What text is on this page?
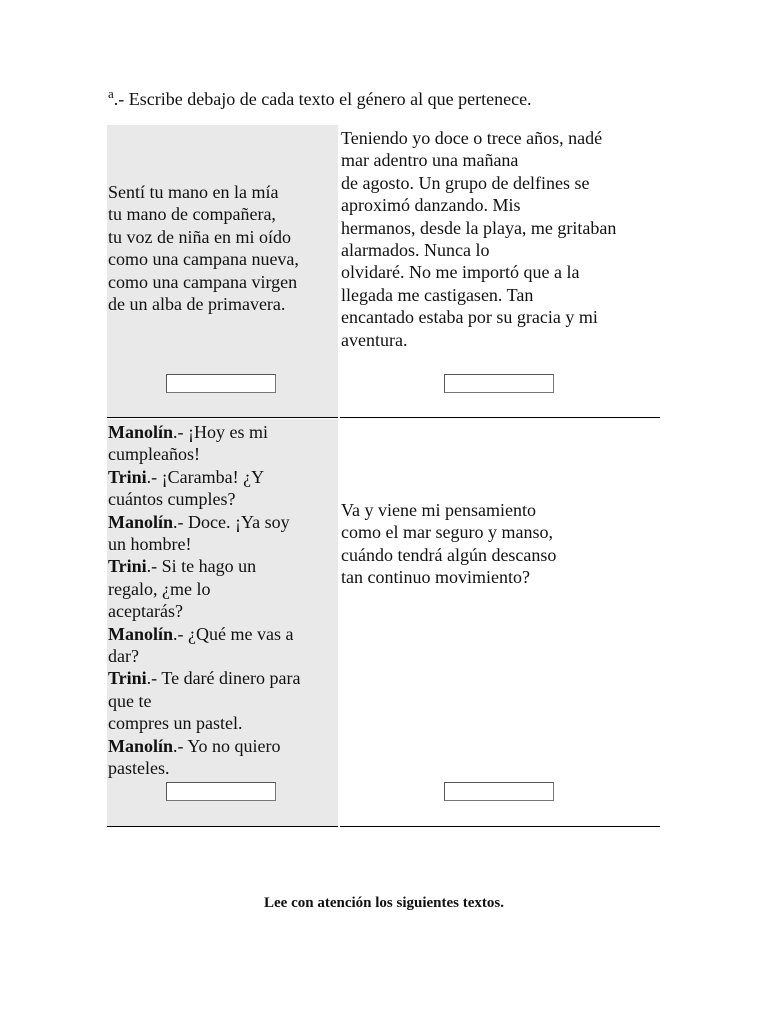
$^a$.- Escribe debajo de cada texto el género al que pertenece.
Sentí tu mano en la mía
tu mano de compañera,
tu voz de niña en mi oído
como una campana nueva,
como una campana virgen
de un alba de primavera.
Teniendo yo doce o trece años, nadé
mar adentro una mañana
de agosto. Un grupo de delfines se
aproximó danzando. Mis
hermanos, desde la playa, me gritaban
alarmados. Nunca lo
olvidaré. No me importó que a la
llegada me castigasen. Tan
encantado estaba por su gracia y mi
aventura.
Manolín.- ¡Hoy es mi
cumpleaños!
Trini.- ¡Caramba! ¿Y
cuántos cumples?
Manolín.- Doce. ¡Ya soy
un hombre!
Trini.- Si te hago un
regalo, ¿me lo
aceptarás?
Manolín.- ¿Qué me vas a
dar?
Trini.- Te daré dinero para
que te
compres un pastel.
Manolín.- Yo no quiero
pasteles.
Va y viene mi pensamiento
como el mar seguro y manso,
cuándo tendrá algún descanso
tan continuo movimiento?
Lee con atención los siguientes textos.
